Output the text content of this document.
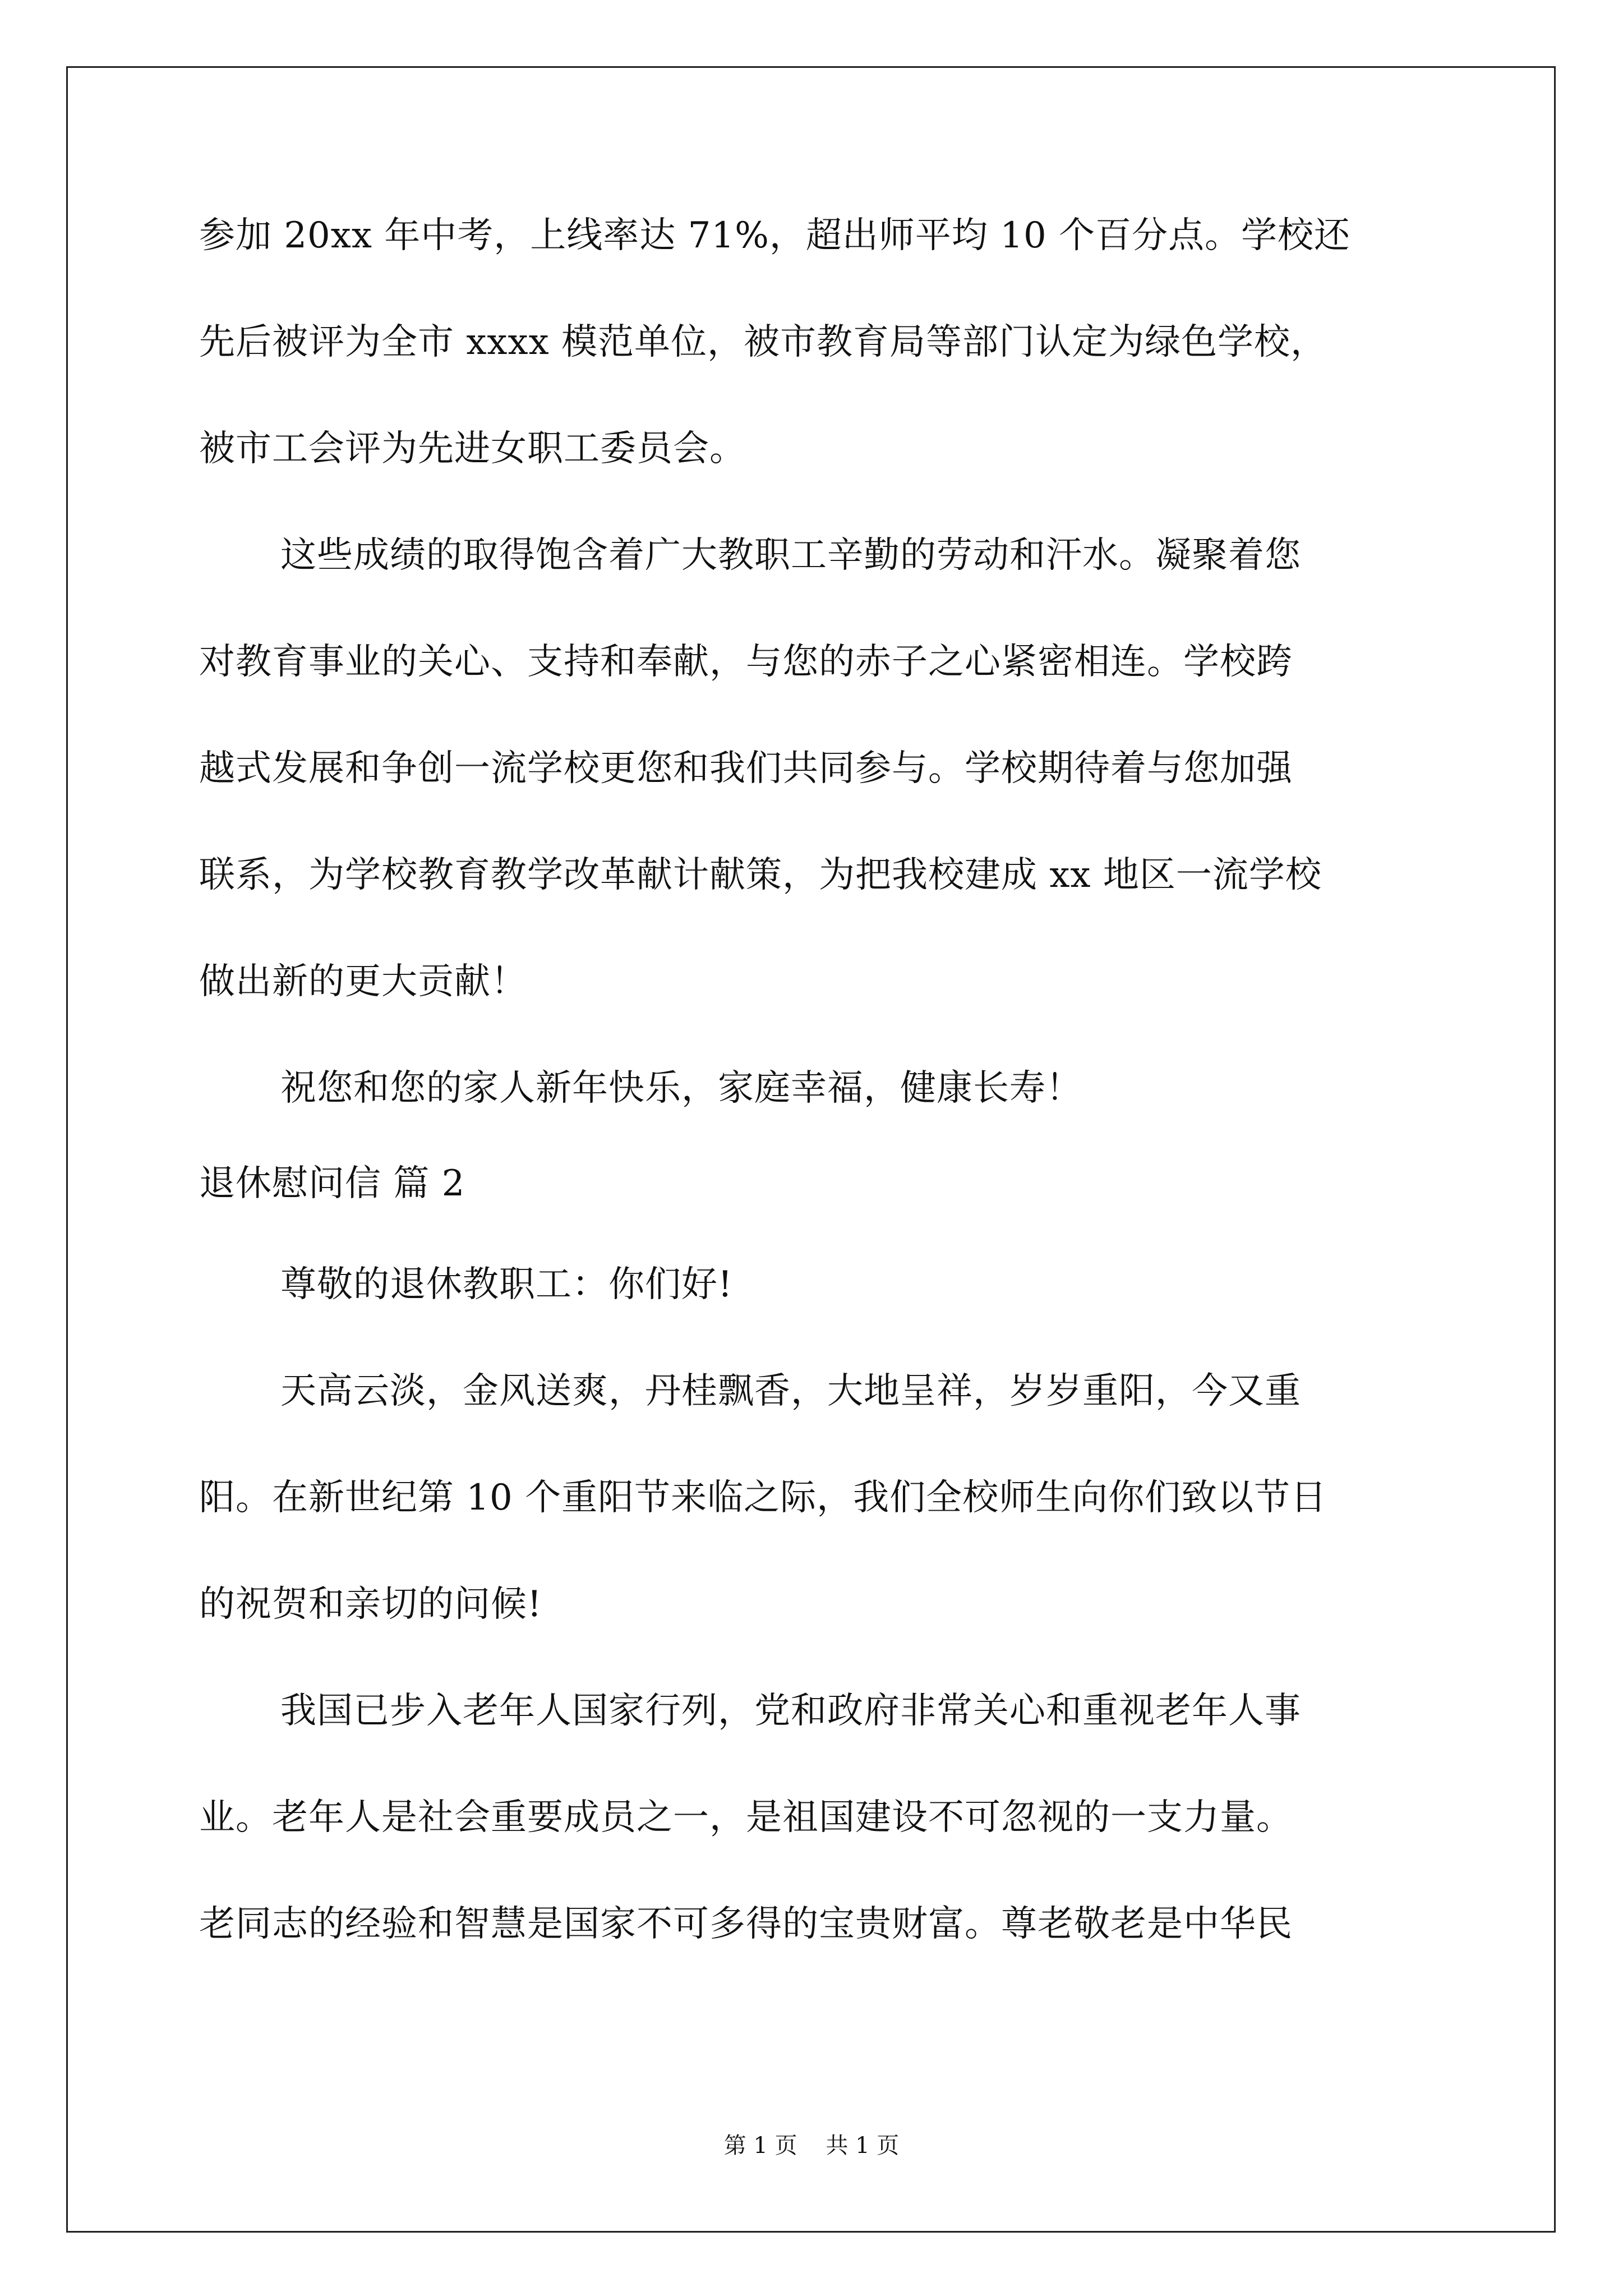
参加 20xx 年中考，上线率达 71%，超出师平均 10 个百分点。学校还
先后被评为全市 xxxx 模范单位，被市教育局等部门认定为绿色学校，
被市工会评为先进女职工委员会。
这些成绩的取得饱含着广大教职工辛勤的劳动和汗水。凝聚着您
对教育事业的关心、支持和奉献，与您的赤子之心紧密相连。学校跨
越式发展和争创一流学校更您和我们共同参与。学校期待着与您加强
联系，为学校教育教学改革献计献策，为把我校建成 xx 地区一流学校
做出新的更大贡献！
祝您和您的家人新年快乐，家庭幸福，健康长寿！
退休慰问信 篇 2
尊敬的退休教职工：你们好!
天高云淡，金风送爽，丹桂飘香，大地呈祥，岁岁重阳，今又重
阳。在新世纪第 10 个重阳节来临之际，我们全校师生向你们致以节日
的祝贺和亲切的问候!
我国已步入老年人国家行列，党和政府非常关心和重视老年人事
业。老年人是社会重要成员之一，是祖国建设不可忽视的一支力量。
老同志的经验和智慧是国家不可多得的宝贵财富。尊老敬老是中华民
第 1 页    共 1 页
